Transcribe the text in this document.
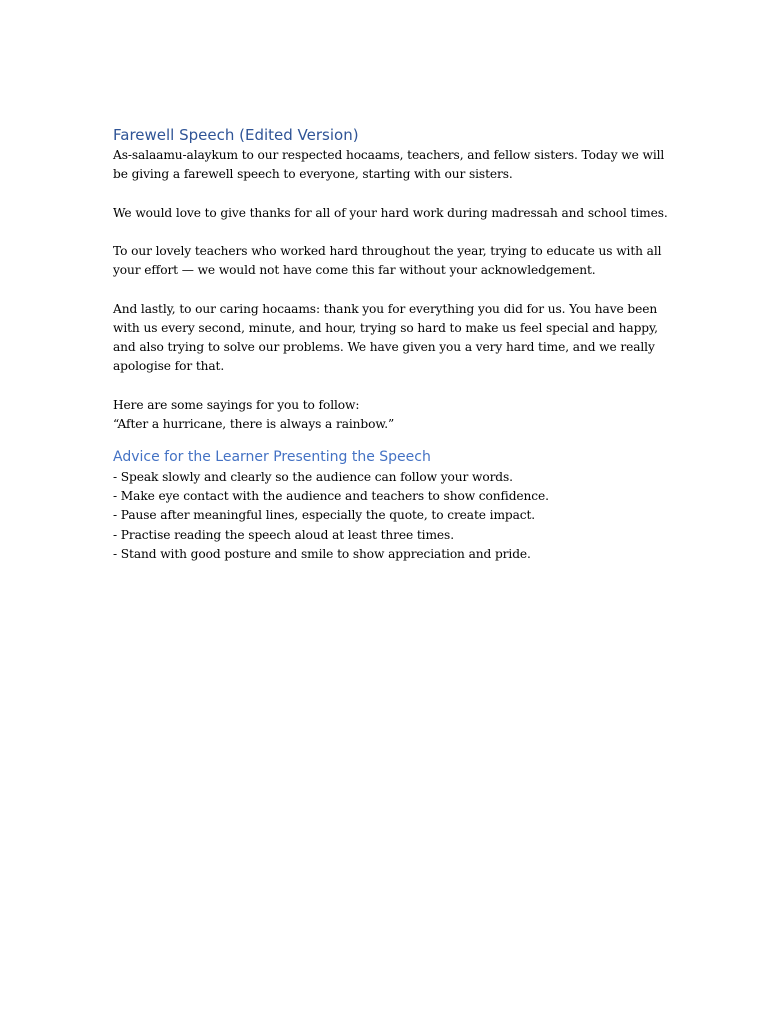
Farewell Speech (Edited Version)
As-salaamu-alaykum to our respected hocaams, teachers, and fellow sisters. Today we will
be giving a farewell speech to everyone, starting with our sisters.
We would love to give thanks for all of your hard work during madressah and school times.
To our lovely teachers who worked hard throughout the year, trying to educate us with all
your effort — we would not have come this far without your acknowledgement.
And lastly, to our caring hocaams: thank you for everything you did for us. You have been
with us every second, minute, and hour, trying so hard to make us feel special and happy,
and also trying to solve our problems. We have given you a very hard time, and we really
apologise for that.
Here are some sayings for you to follow:
“After a hurricane, there is always a rainbow.”
Advice for the Learner Presenting the Speech
- Speak slowly and clearly so the audience can follow your words.
- Make eye contact with the audience and teachers to show confidence.
- Pause after meaningful lines, especially the quote, to create impact.
- Practise reading the speech aloud at least three times.
- Stand with good posture and smile to show appreciation and pride.
